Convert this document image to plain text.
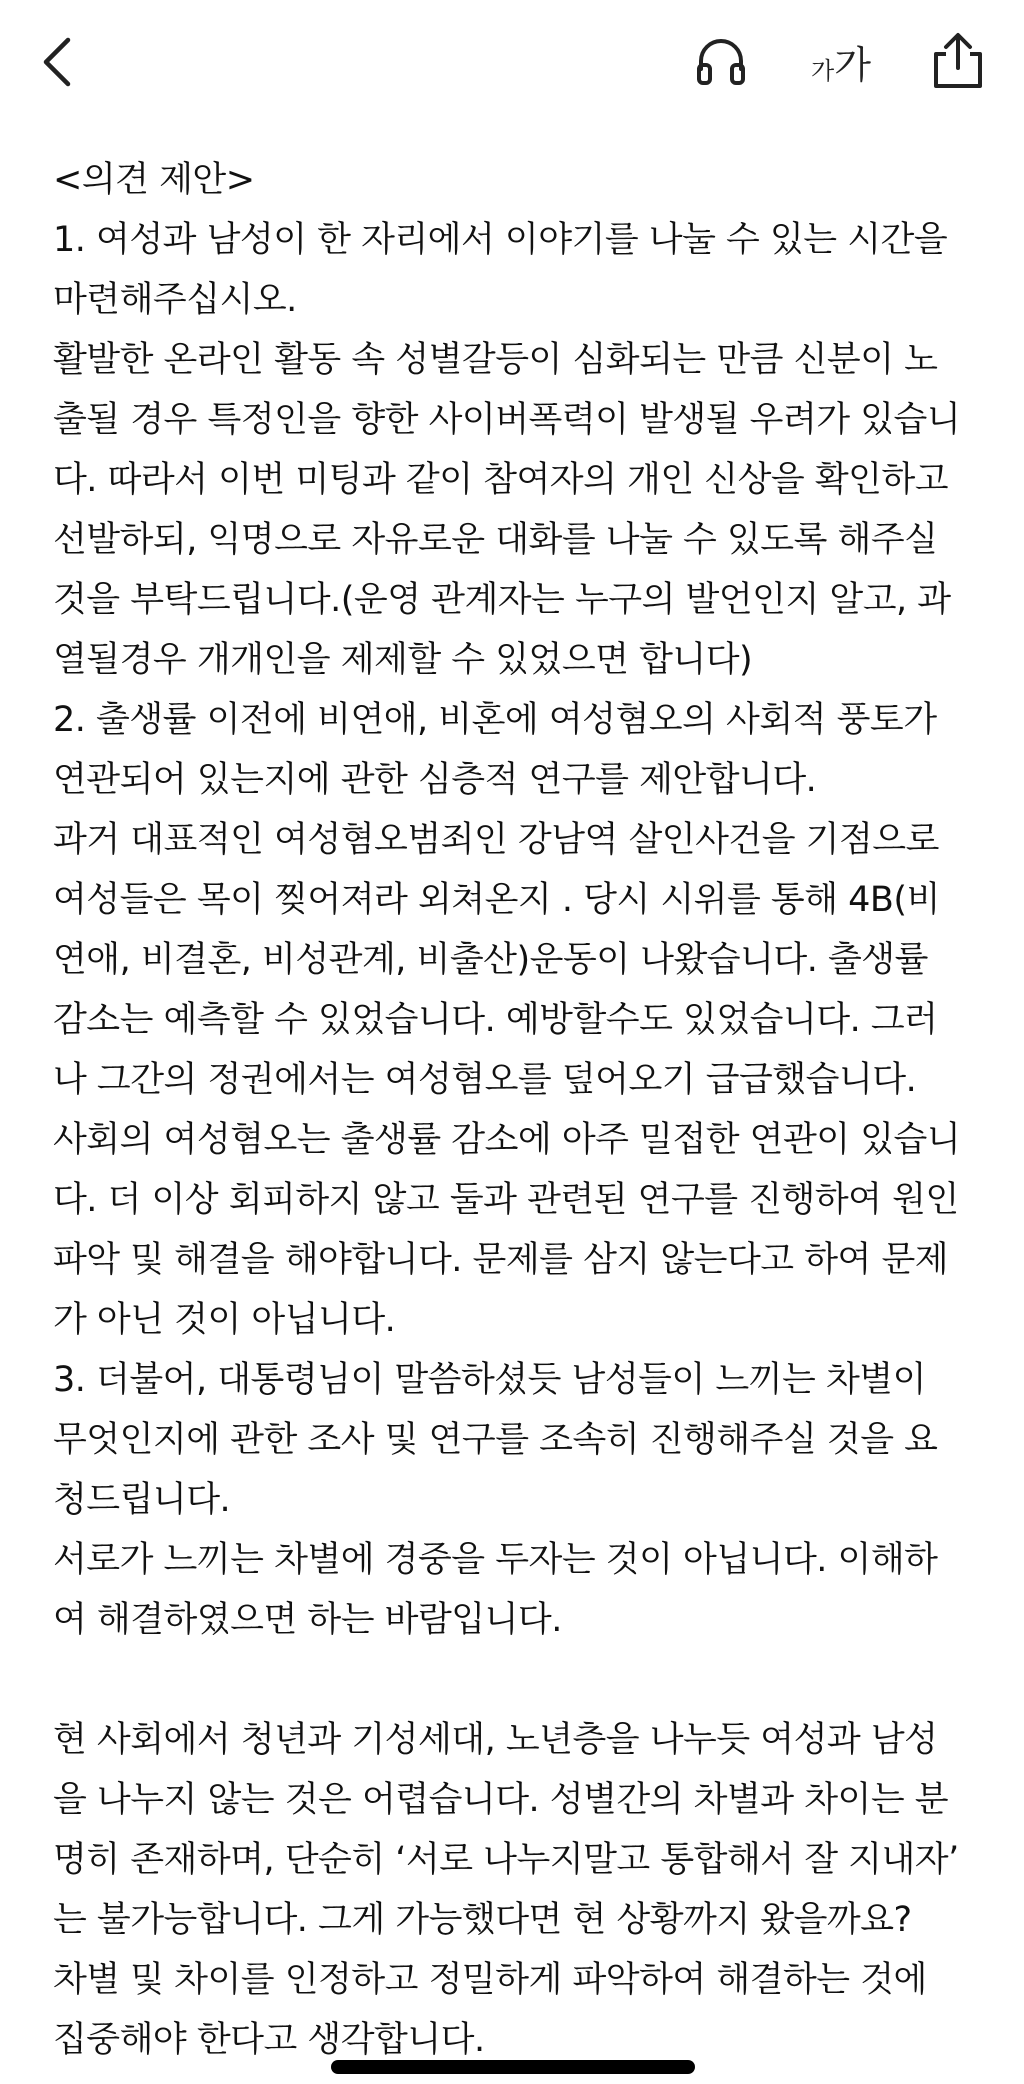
가 가

<의견 제안>

1. 여성과 남성이 한 자리에서 이야기를 나눌 수 있는 시간을

마련해주십시오.

활발한 온라인 활동 속 성별갈등이 심화되는 만큼 신분이 노

출될 경우 특정인을 향한 사이버폭력이 발생될 우려가 있습니

다. 따라서 이번 미팅과 같이 참여자의 개인 신상을 확인하고

선발하되, 익명으로 자유로운 대화를 나눌 수 있도록 해주실

것을 부탁드립니다.(운영 관계자는 누구의 발언인지 알고, 과

열될경우 개개인을 제제할 수 있었으면 합니다)

2. 출생률 이전에 비연애, 비혼에 여성혐오의 사회적 풍토가

연관되어 있는지에 관한 심층적 연구를 제안합니다.

과거 대표적인 여성혐오범죄인 강남역 살인사건을 기점으로

여성들은 목이 찢어져라 외쳐온지 . 당시 시위를 통해 4B(비

연애, 비결혼, 비성관계, 비출산)운동이 나왔습니다. 출생률

감소는 예측할 수 있었습니다. 예방할수도 있었습니다. 그러

나 그간의 정권에서는 여성혐오를 덮어오기 급급했습니다.

사회의 여성혐오는 출생률 감소에 아주 밀접한 연관이 있습니

다. 더 이상 회피하지 않고 둘과 관련된 연구를 진행하여 원인

파악 및 해결을 해야합니다. 문제를 삼지 않는다고 하여 문제

가 아닌 것이 아닙니다.

3. 더불어, 대통령님이 말씀하셨듯 남성들이 느끼는 차별이

무엇인지에 관한 조사 및 연구를 조속히 진행해주실 것을 요

청드립니다.

서로가 느끼는 차별에 경중을 두자는 것이 아닙니다. 이해하

여 해결하였으면 하는 바람입니다.

현 사회에서 청년과 기성세대, 노년층을 나누듯 여성과 남성

을 나누지 않는 것은 어렵습니다. 성별간의 차별과 차이는 분

명히 존재하며, 단순히 ‘서로 나누지말고 통합해서 잘 지내자’

는 불가능합니다. 그게 가능했다면 현 상황까지 왔을까요?

차별 및 차이를 인정하고 정밀하게 파악하여 해결하는 것에

집중해야 한다고 생각합니다.
